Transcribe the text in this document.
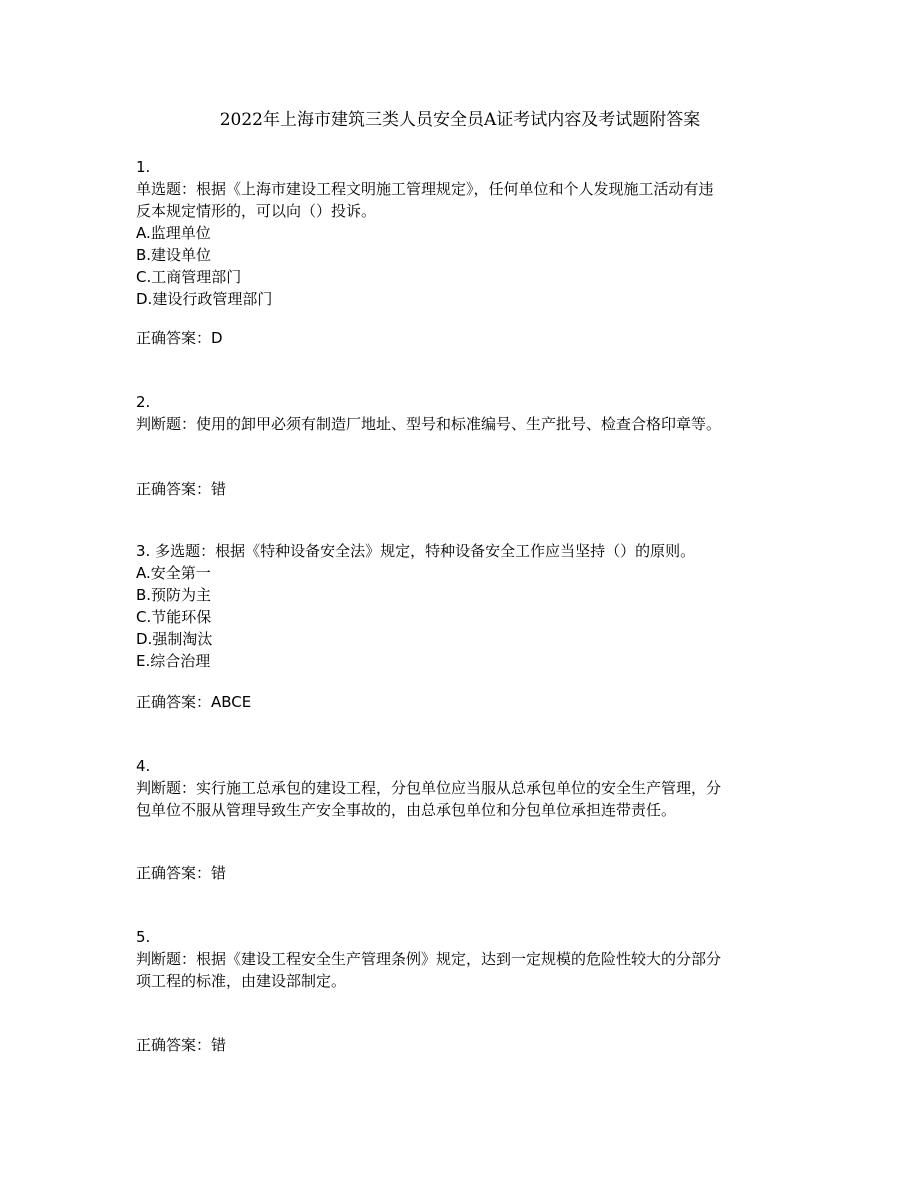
2022年上海市建筑三类人员安全员A证考试内容及考试题附答案
1.
单选题：根据《上海市建设工程文明施工管理规定》，任何单位和个人发现施工活动有违
反本规定情形的，可以向（）投诉。
A.监理单位
B.建设单位
C.工商管理部门
D.建设行政管理部门
正确答案：D
2.
判断题：使用的卸甲必须有制造厂地址、型号和标准编号、生产批号、检查合格印章等。
正确答案：错
3. 多选题：根据《特种设备安全法》规定，特种设备安全工作应当坚持（）的原则。
A.安全第一
B.预防为主
C.节能环保
D.强制淘汰
E.综合治理
正确答案：ABCE
4.
判断题：实行施工总承包的建设工程，分包单位应当服从总承包单位的安全生产管理，分
包单位不服从管理导致生产安全事故的，由总承包单位和分包单位承担连带责任。
正确答案：错
5.
判断题：根据《建设工程安全生产管理条例》规定，达到一定规模的危险性较大的分部分
项工程的标准，由建设部制定。
正确答案：错
